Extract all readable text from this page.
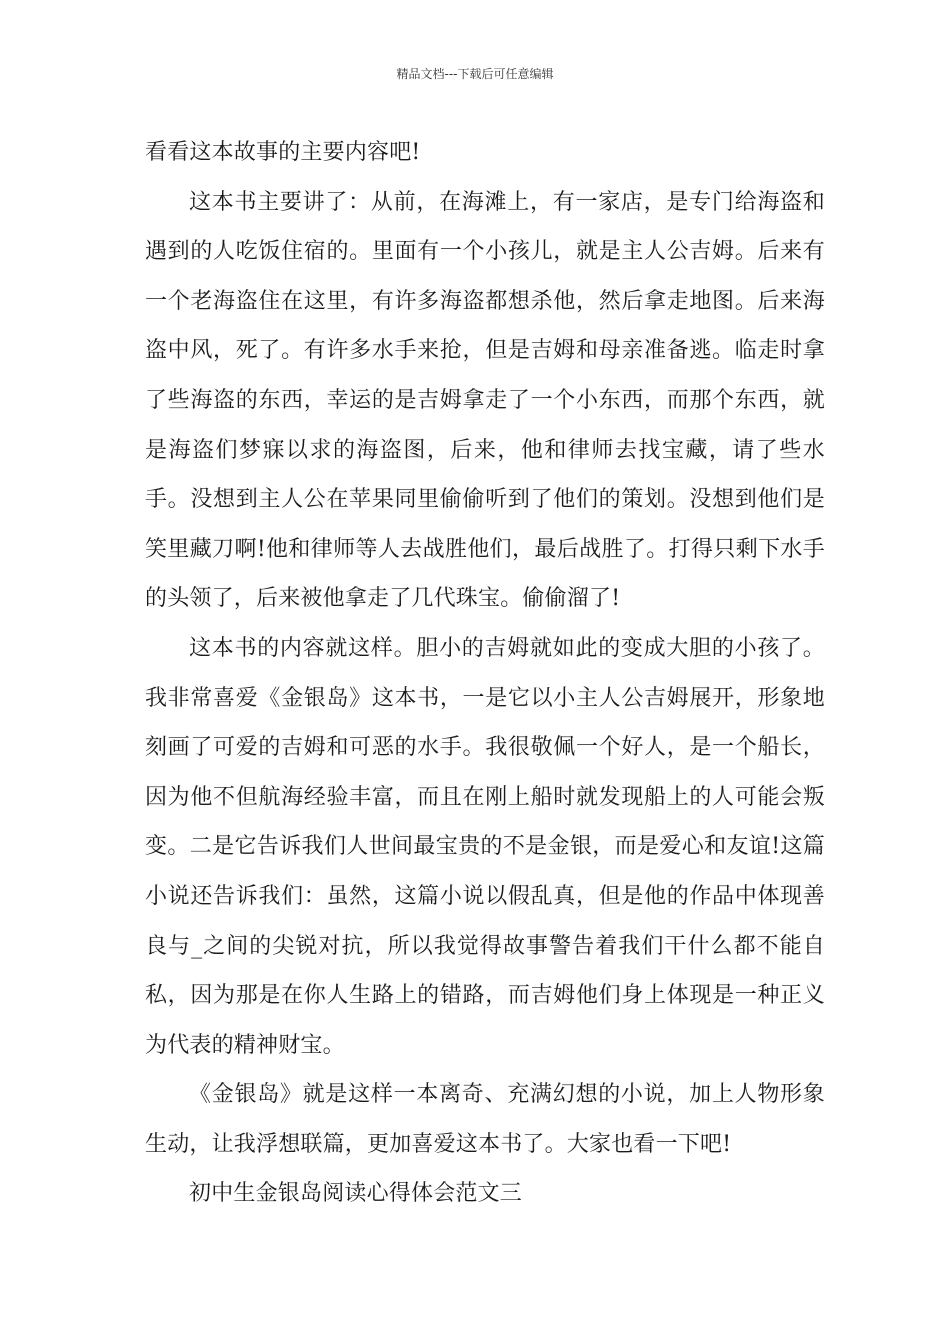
精品文档---下载后可任意编辑

看看这本故事的主要内容吧!

这本书主要讲了：从前，在海滩上，有一家店，是专门给海盗和遇到的人吃饭住宿的。里面有一个小孩儿，就是主人公吉姆。后来有一个老海盗住在这里，有许多海盗都想杀他，然后拿走地图。后来海盗中风，死了。有许多水手来抢，但是吉姆和母亲准备逃。临走时拿了些海盗的东西，幸运的是吉姆拿走了一个小东西，而那个东西，就是海盗们梦寐以求的海盗图，后来，他和律师去找宝藏，请了些水手。没想到主人公在苹果同里偷偷听到了他们的策划。没想到他们是笑里藏刀啊!他和律师等人去战胜他们，最后战胜了。打得只剩下水手的头领了，后来被他拿走了几代珠宝。偷偷溜了!

这本书的内容就这样。胆小的吉姆就如此的变成大胆的小孩了。我非常喜爱《金银岛》这本书，一是它以小主人公吉姆展开，形象地刻画了可爱的吉姆和可恶的水手。我很敬佩一个好人，是一个船长，因为他不但航海经验丰富，而且在刚上船时就发现船上的人可能会叛变。二是它告诉我们人世间最宝贵的不是金银，而是爱心和友谊!这篇小说还告诉我们：虽然，这篇小说以假乱真，但是他的作品中体现善良与_之间的尖锐对抗，所以我觉得故事警告着我们干什么都不能自私，因为那是在你人生路上的错路，而吉姆他们身上体现是一种正义为代表的精神财宝。

《金银岛》就是这样一本离奇、充满幻想的小说，加上人物形象生动，让我浮想联篇，更加喜爱这本书了。大家也看一下吧!

初中生金银岛阅读心得体会范文三
